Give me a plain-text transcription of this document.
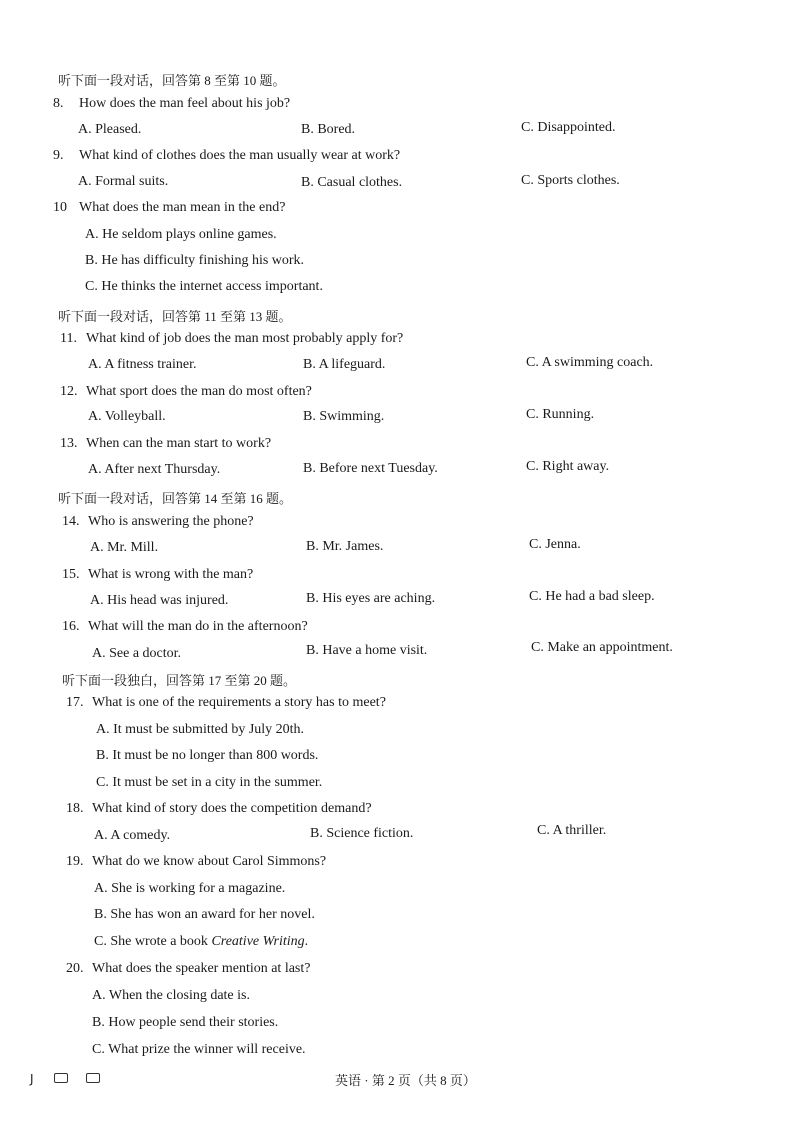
听下面一段对话，回答第 8 至第 10 题。
8. How does the man feel about his job?
A. Pleased.	B. Bored.	C. Disappointed.
9. What kind of clothes does the man usually wear at work?
A. Formal suits.	B. Casual clothes.	C. Sports clothes.
10 What does the man mean in the end?
A. He seldom plays online games.
B. He has difficulty finishing his work.
C. He thinks the internet access important.
听下面一段对话，回答第 11 至第 13 题。
11. What kind of job does the man most probably apply for?
A. A fitness trainer.	B. A lifeguard.	C. A swimming coach.
12. What sport does the man do most often?
A. Volleyball.	B. Swimming.	C. Running.
13. When can the man start to work?
A. After next Thursday.	B. Before next Tuesday.	C. Right away.
听下面一段对话，回答第 14 至第 16 题。
14. Who is answering the phone?
A. Mr. Mill.	B. Mr. James.	C. Jenna.
15. What is wrong with the man?
A. His head was injured.	B. His eyes are aching.	C. He had a bad sleep.
16. What will the man do in the afternoon?
A. See a doctor.	B. Have a home visit.	C. Make an appointment.
听下面一段独白，回答第 17 至第 20 题。
17. What is one of the requirements a story has to meet?
A. It must be submitted by July 20th.
B. It must be no longer than 800 words.
C. It must be set in a city in the summer.
18. What kind of story does the competition demand?
A. A comedy.	B. Science fiction.	C. A thriller.
19. What do we know about Carol Simmons?
A. She is working for a magazine.
B. She has won an award for her novel.
C. She wrote a book Creative Writing.
20. What does the speaker mention at last?
A. When the closing date is.
B. How people send their stories.
C. What prize the winner will receive.
J	英语 · 第 2 页（共 8 页）
